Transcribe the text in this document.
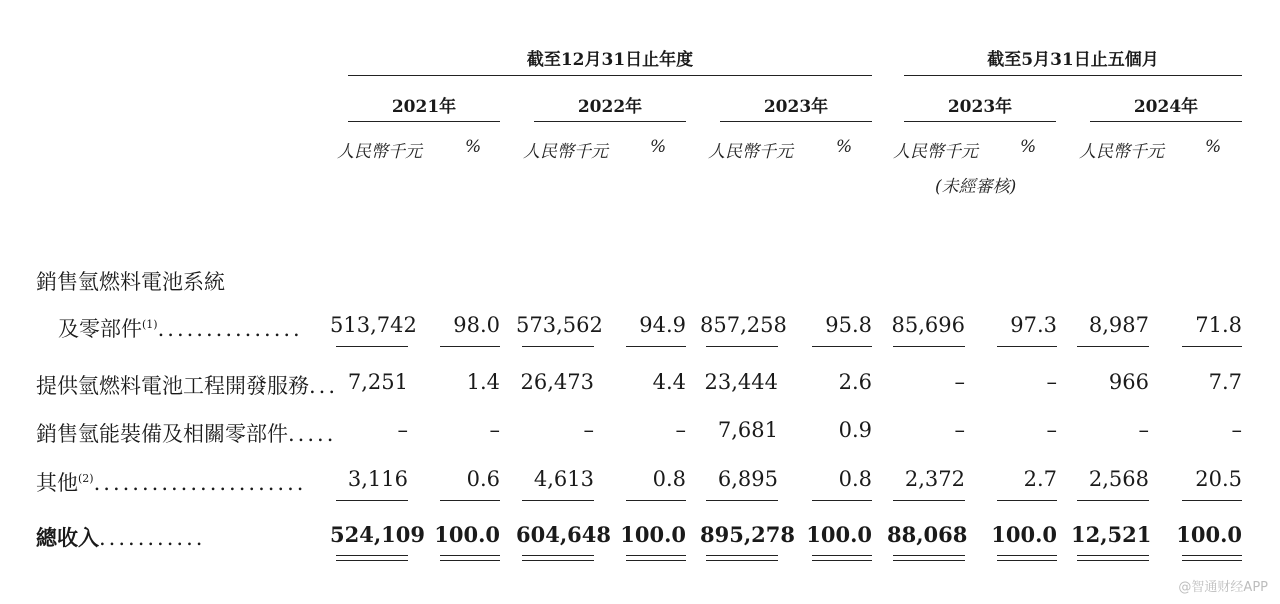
截至12月31日止年度	截至5月31日止五個月
2021年	2022年	2023年	2023年	2024年
人民幣千元	% 人民幣千元 % 人民幣千元	% 人民幣千元 %	人民幣千元 %
(未經審核)
銷售氫燃料電池系統
及零部件$^{(1)}$............... 513,742	98.0 573,562	94.9 857,258	95.8 85,696	97.3	8,987	71.8
提供氫燃料電池工程開發服務... 7,251	1.4 26,473	4.4 23,444	2.6	–	–	966	7.7
銷售氫能裝備及相關零部件.....	–	–	–	–	7,681	0.9	–	–	–	–
其他$^{(2)}$......................	3,116	0.6	4,613	0.8	6,895	0.8	2,372	2.7	2,568	20.5
總收入...........	524,109 100.0 604,648 100.0 895,278 100.0 88,068 100.0 12,521 100.0
@智通财经APP
